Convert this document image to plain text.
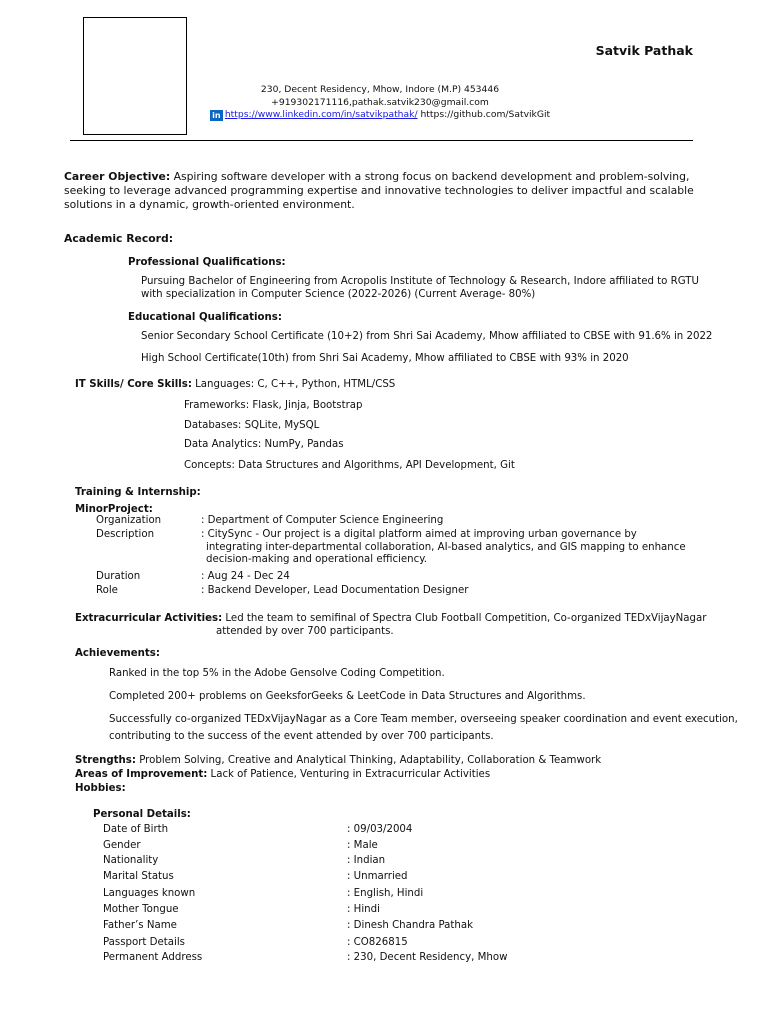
Satvik Pathak
230, Decent Residency, Mhow, Indore (M.P) 453446
+919302171116,pathak.satvik230@gmail.com
in https://www.linkedin.com/in/satvikpathak/ https://github.com/SatvikGit
Career Objective: Aspiring software developer with a strong focus on backend development and problem-solving, seeking to leverage advanced programming expertise and innovative technologies to deliver impactful and scalable solutions in a dynamic, growth-oriented environment.
Academic Record:
Professional Qualifications:
Pursuing Bachelor of Engineering from Acropolis Institute of Technology & Research, Indore affiliated to RGTU
with specialization in Computer Science (2022-2026) (Current Average- 80%)
Educational Qualifications:
Senior Secondary School Certificate (10+2) from Shri Sai Academy, Mhow affiliated to CBSE with 91.6% in 2022
High School Certificate(10th) from Shri Sai Academy, Mhow affiliated to CBSE with 93% in 2020
IT Skills/ Core Skills: Languages: C, C++, Python, HTML/CSS
Frameworks: Flask, Jinja, Bootstrap
Databases: SQLite, MySQL
Data Analytics: NumPy, Pandas
Concepts: Data Structures and Algorithms, API Development, Git
Training & Internship:
MinorProject:
Organization	: Department of Computer Science Engineering
Description	: CitySync - Our project is a digital platform aimed at improving urban governance by
integrating inter-departmental collaboration, AI-based analytics, and GIS mapping to enhance
decision-making and operational efficiency.
Duration	: Aug 24 - Dec 24
Role	: Backend Developer, Lead Documentation Designer
Extracurricular Activities: Led the team to semifinal of Spectra Club Football Competition, Co-organized TEDxVijayNagar
attended by over 700 participants.
Achievements:
Ranked in the top 5% in the Adobe Gensolve Coding Competition.
Completed 200+ problems on GeeksforGeeks & LeetCode in Data Structures and Algorithms.
Successfully co-organized TEDxVijayNagar as a Core Team member, overseeing speaker coordination and event execution,
contributing to the success of the event attended by over 700 participants.
Strengths: Problem Solving, Creative and Analytical Thinking, Adaptability, Collaboration & Teamwork
Areas of Improvement: Lack of Patience, Venturing in Extracurricular Activities
Hobbies:
Personal Details:
Date of Birth	: 09/03/2004
Gender	: Male
Nationality	: Indian
Marital Status	: Unmarried
Languages known	: English, Hindi
Mother Tongue	: Hindi
Father’s Name	: Dinesh Chandra Pathak
Passport Details	: CO826815
Permanent Address	: 230, Decent Residency, Mhow
